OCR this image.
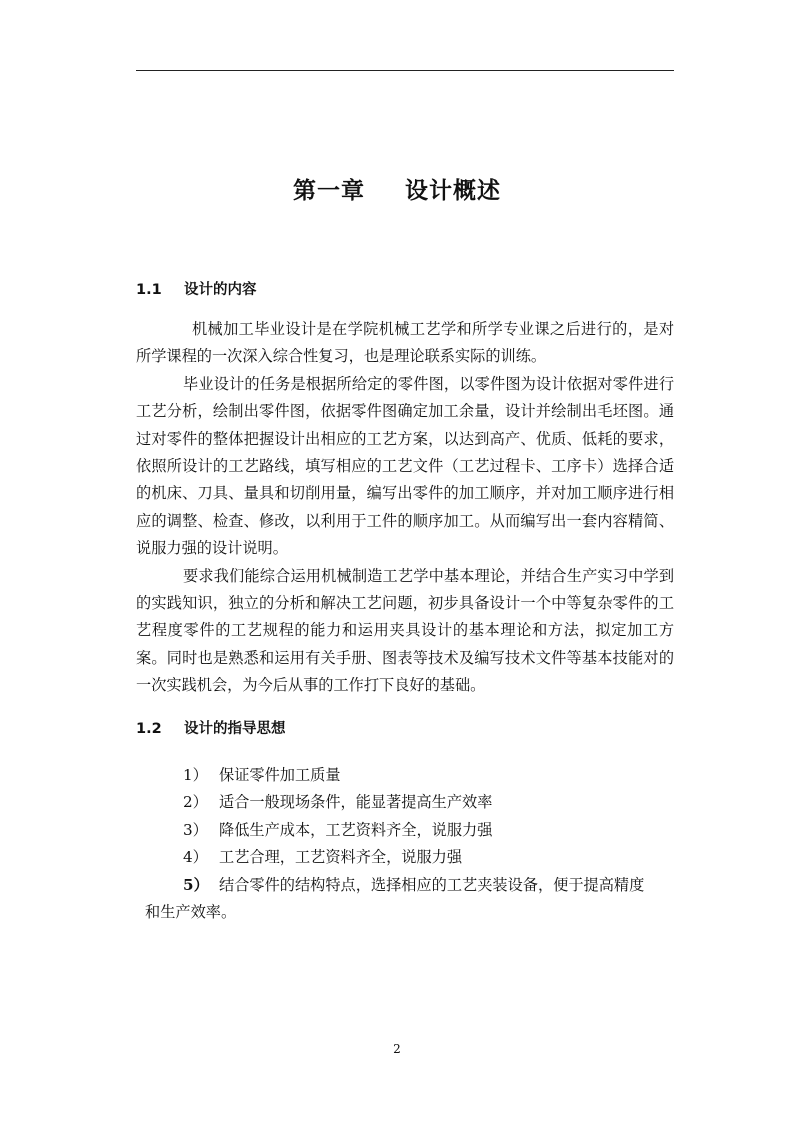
第一章 设计概述
1.1 设计的内容

机械加工毕业设计是在学院机械工艺学和所学专业课之后进行的，是对所学课程的一次深入综合性复习，也是理论联系实际的训练。

毕业设计的任务是根据所给定的零件图，以零件图为设计依据对零件进行工艺分析，绘制出零件图，依据零件图确定加工余量，设计并绘制出毛坯图。通过对零件的整体把握设计出相应的工艺方案，以达到高产、优质、低耗的要求，依照所设计的工艺路线，填写相应的工艺文件（工艺过程卡、工序卡）选择合适的机床、刀具、量具和切削用量，编写出零件的加工顺序，并对加工顺序进行相应的调整、检查、修改，以利用于工件的顺序加工。从而编写出一套内容精简、说服力强的设计说明。

要求我们能综合运用机械制造工艺学中基本理论，并结合生产实习中学到的实践知识，独立的分析和解决工艺问题，初步具备设计一个中等复杂零件的工艺程度零件的工艺规程的能力和运用夹具设计的基本理论和方法，拟定加工方案。同时也是熟悉和运用有关手册、图表等技术及编写技术文件等基本技能对的一次实践机会，为今后从事的工作打下良好的基础。

1.2 设计的指导思想
1） 保证零件加工质量
2） 适合一般现场条件，能显著提高生产效率
3） 降低生产成本，工艺资料齐全，说服力强
4） 工艺合理，工艺资料齐全，说服力强
5） 结合零件的结构特点，选择相应的工艺夹装设备，便于提高精度
和生产效率。
2
